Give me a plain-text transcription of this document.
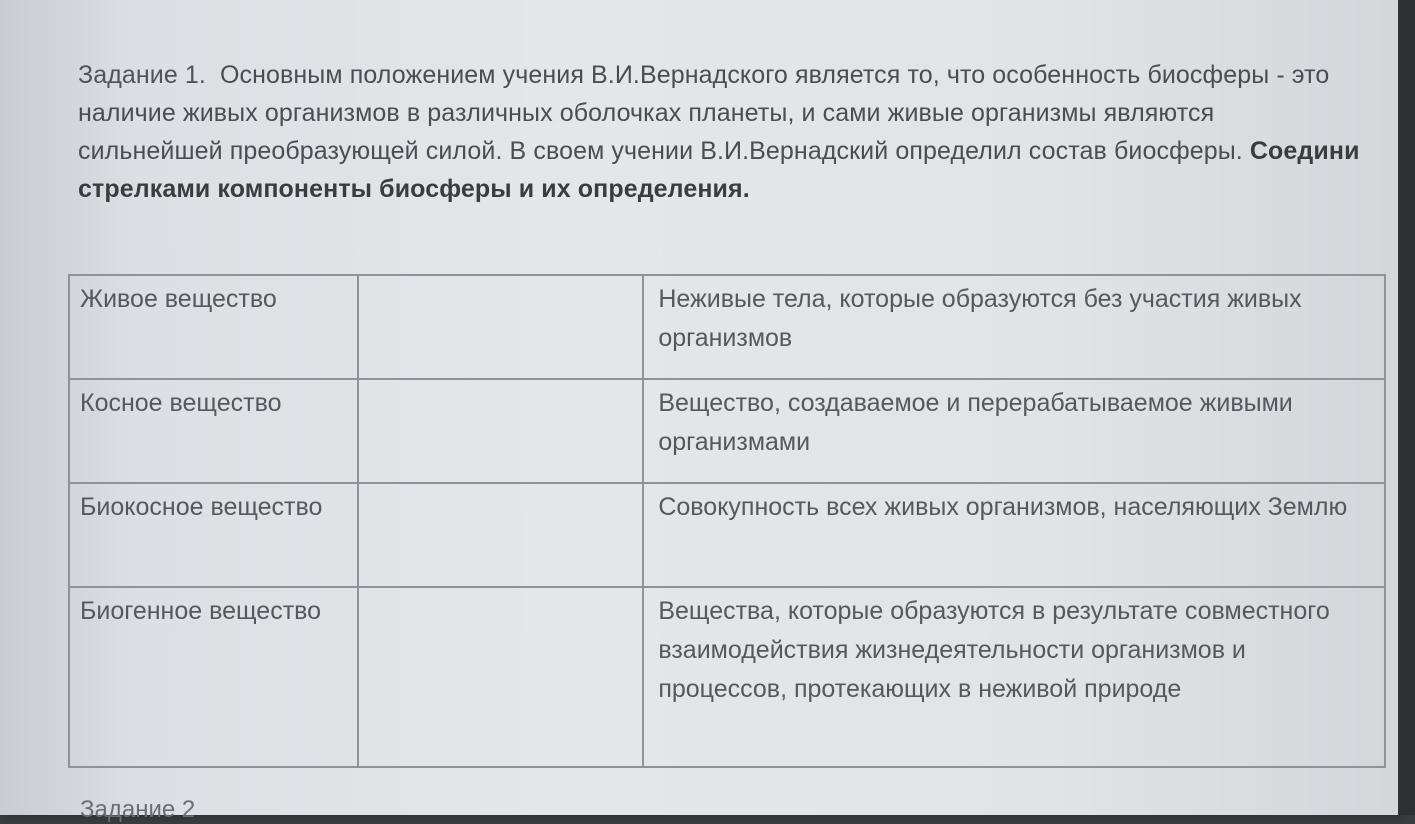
Задание 1. Основным положением учения В.И.Вернадского является то, что особенность биосферы - это наличие живых организмов в различных оболочках планеты, и сами живые организмы являются сильнейшей преобразующей силой. В своем учении В.И.Вернадский определил состав биосферы. Соедини стрелками компоненты биосферы и их определения.
Живое вещество		Неживые тела, которые образуются без участия живых организмов
Косное вещество		Вещество, создаваемое и перерабатываемое живыми организмами
Биокосное вещество		Совокупность всех живых организмов, населяющих Землю
Биогенное вещество		Вещества, которые образуются в результате совместного взаимодействия жизнедеятельности организмов и процессов, протекающих в неживой природе
Задание 2
